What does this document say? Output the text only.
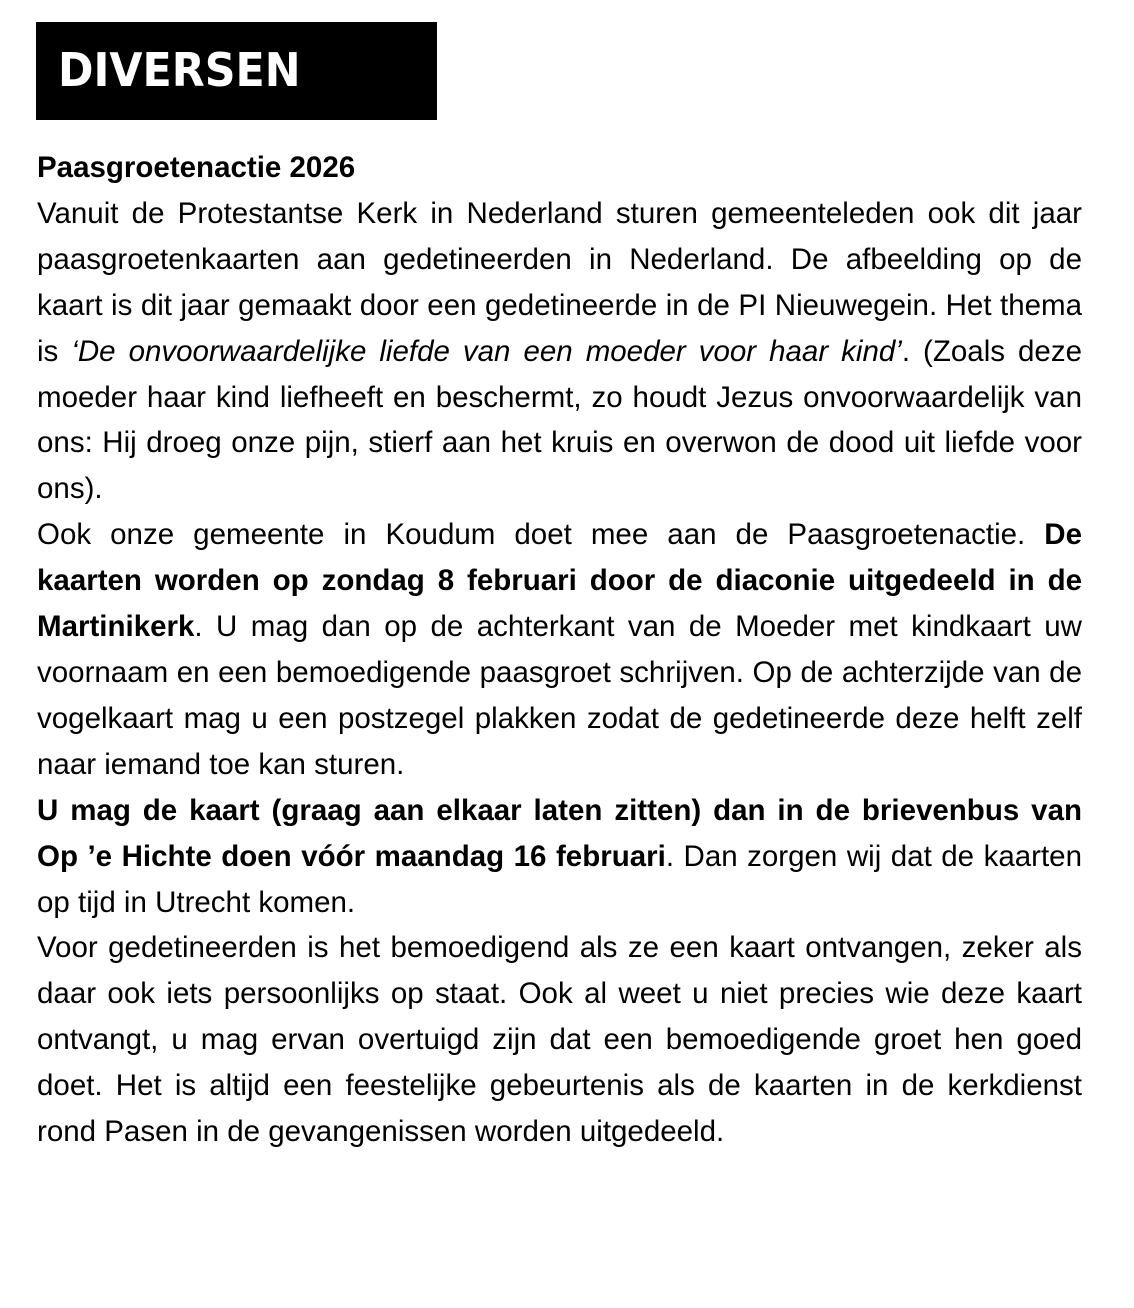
DIVERSEN

Paasgroetenactie 2026

Vanuit de Protestantse Kerk in Nederland sturen gemeenteleden ook dit jaar paasgroetenkaarten aan gedetineerden in Nederland. De afbeelding op de kaart is dit jaar gemaakt door een gedetineerde in de PI Nieuwegein. Het thema is ‘De onvoorwaardelijke liefde van een moeder voor haar kind’. (Zoals deze moeder haar kind liefheeft en beschermt, zo houdt Jezus onvoorwaardelijk van ons: Hij droeg onze pijn, stierf aan het kruis en overwon de dood uit liefde voor ons).

Ook onze gemeente in Koudum doet mee aan de Paasgroetenactie. De kaarten worden op zondag 8 februari door de diaconie uitgedeeld in de Martinikerk. U mag dan op de achterkant van de Moeder met kindkaart uw voornaam en een bemoedigende paasgroet schrijven. Op de achterzijde van de vogelkaart mag u een postzegel plakken zodat de gedetineerde deze helft zelf naar iemand toe kan sturen.

U mag de kaart (graag aan elkaar laten zitten) dan in de brievenbus van Op ’e Hichte doen vóór maandag 16 februari. Dan zorgen wij dat de kaarten op tijd in Utrecht komen.

Voor gedetineerden is het bemoedigend als ze een kaart ontvangen, zeker als daar ook iets persoonlijks op staat. Ook al weet u niet precies wie deze kaart ontvangt, u mag ervan overtuigd zijn dat een bemoedigende groet hen goed doet. Het is altijd een feestelijke gebeurtenis als de kaarten in de kerkdienst rond Pasen in de gevangenissen worden uitgedeeld.
